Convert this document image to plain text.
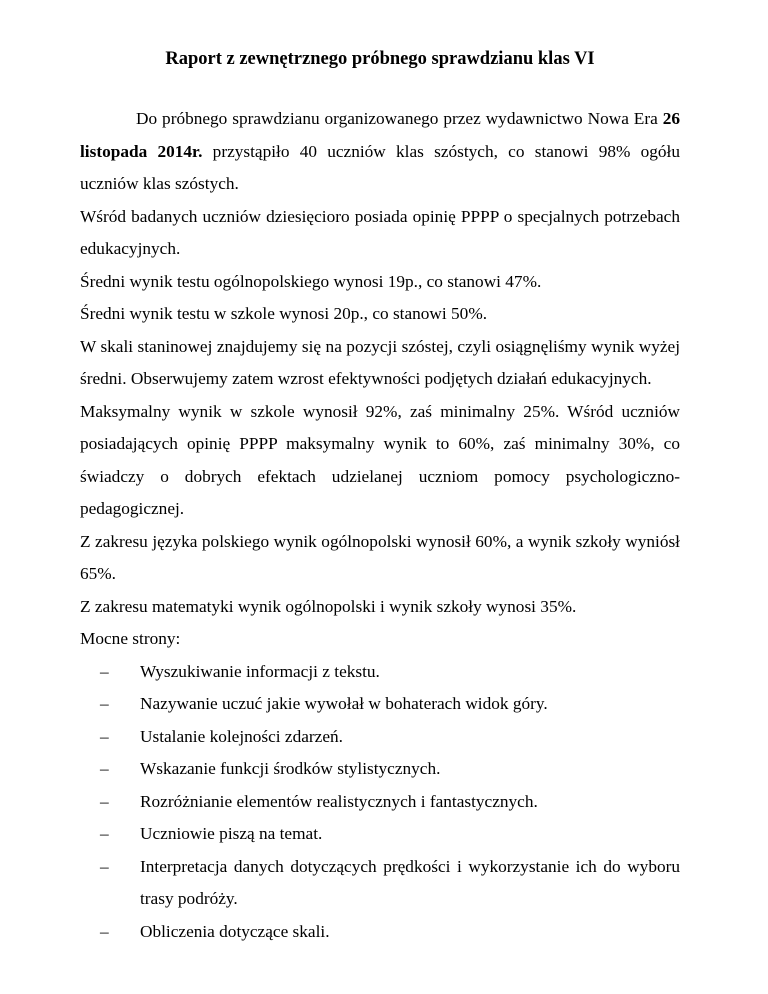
Raport z zewnętrznego próbnego sprawdzianu klas VI

Do próbnego sprawdzianu organizowanego przez wydawnictwo Nowa Era 26 listopada 2014r. przystąpiło 40 uczniów klas szóstych, co stanowi 98% ogółu uczniów klas szóstych.

Wśród badanych uczniów dziesięcioro posiada opinię PPPP o specjalnych potrzebach edukacyjnych.

Średni wynik testu ogólnopolskiego wynosi 19p., co stanowi 47%.

Średni wynik testu w szkole wynosi 20p., co stanowi 50%.

W skali staninowej znajdujemy się na pozycji szóstej, czyli osiągnęliśmy wynik wyżej średni. Obserwujemy zatem wzrost efektywności podjętych działań edukacyjnych.

Maksymalny wynik w szkole wynosił 92%, zaś minimalny 25%. Wśród uczniów posiadających opinię PPPP maksymalny wynik to 60%, zaś minimalny 30%, co świadczy o dobrych efektach udzielanej uczniom pomocy psychologiczno-pedagogicznej.

Z zakresu języka polskiego wynik ogólnopolski wynosił 60%, a wynik szkoły wyniósł 65%.

Z zakresu matematyki wynik ogólnopolski i wynik szkoły wynosi 35%.

Mocne strony:

– Wyszukiwanie informacji z tekstu.
– Nazywanie uczuć jakie wywołał w bohaterach widok góry.
– Ustalanie kolejności zdarzeń.
– Wskazanie funkcji środków stylistycznych.
– Rozróżnianie elementów realistycznych i fantastycznych.
– Uczniowie piszą na temat.
– Interpretacja danych dotyczących prędkości i wykorzystanie ich do wyboru trasy podróży.
– Obliczenia dotyczące skali.
